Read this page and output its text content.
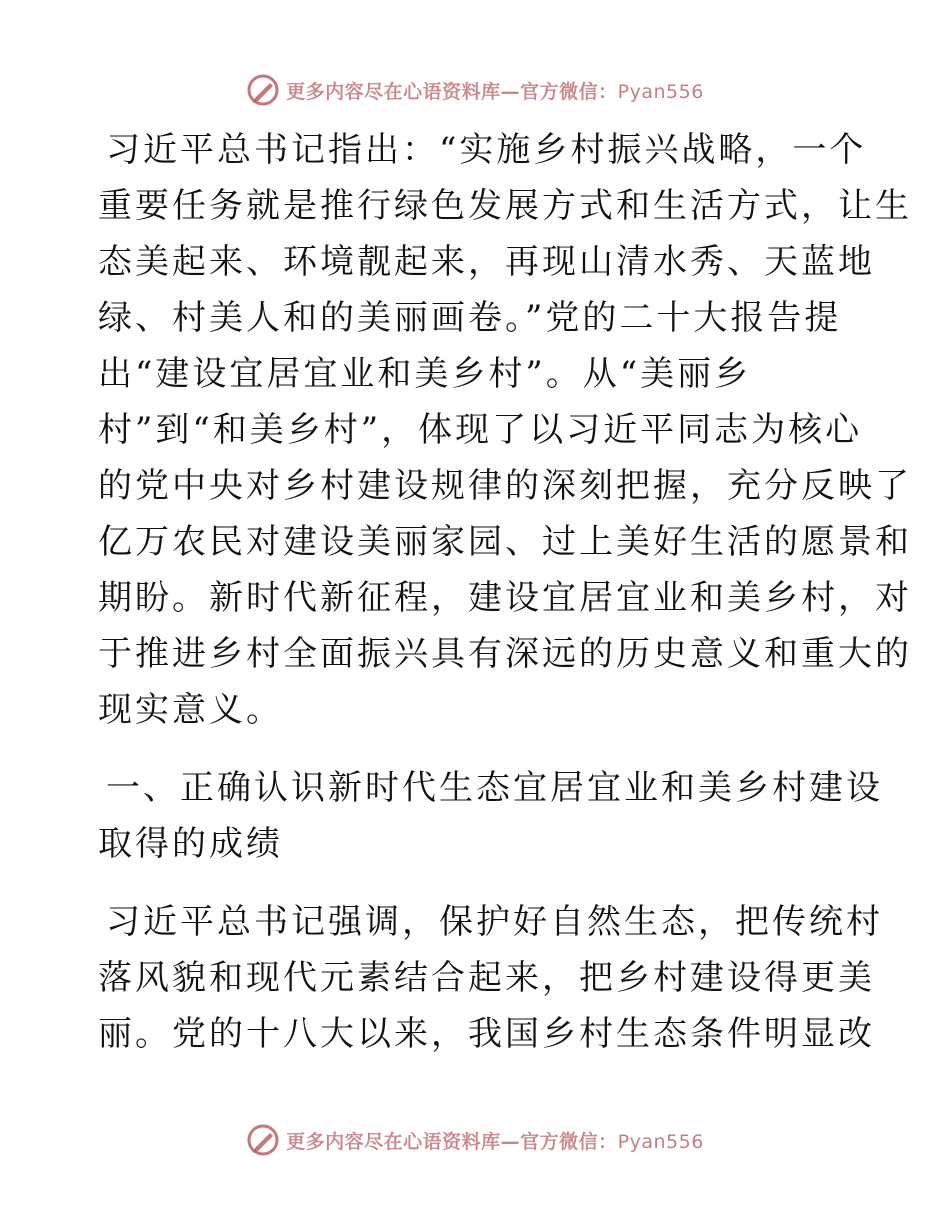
更多内容尽在心语资料库—官方微信：Pyan556

习近平总书记指出：“实施乡村振兴战略，一个
重要任务就是推行绿色发展方式和生活方式，让生
态美起来、环境靓起来，再现山清水秀、天蓝地
绿、村美人和的美丽画卷。”党的二十大报告提
出“建设宜居宜业和美乡村”。从“美丽乡
村”到“和美乡村”，体现了以习近平同志为核心
的党中央对乡村建设规律的深刻把握，充分反映了
亿万农民对建设美丽家园、过上美好生活的愿景和
期盼。新时代新征程，建设宜居宜业和美乡村，对
于推进乡村全面振兴具有深远的历史意义和重大的
现实意义。

一、正确认识新时代生态宜居宜业和美乡村建设
取得的成绩

习近平总书记强调，保护好自然生态，把传统村
落风貌和现代元素结合起来，把乡村建设得更美
丽。党的十八大以来，我国乡村生态条件明显改

更多内容尽在心语资料库—官方微信：Pyan556
